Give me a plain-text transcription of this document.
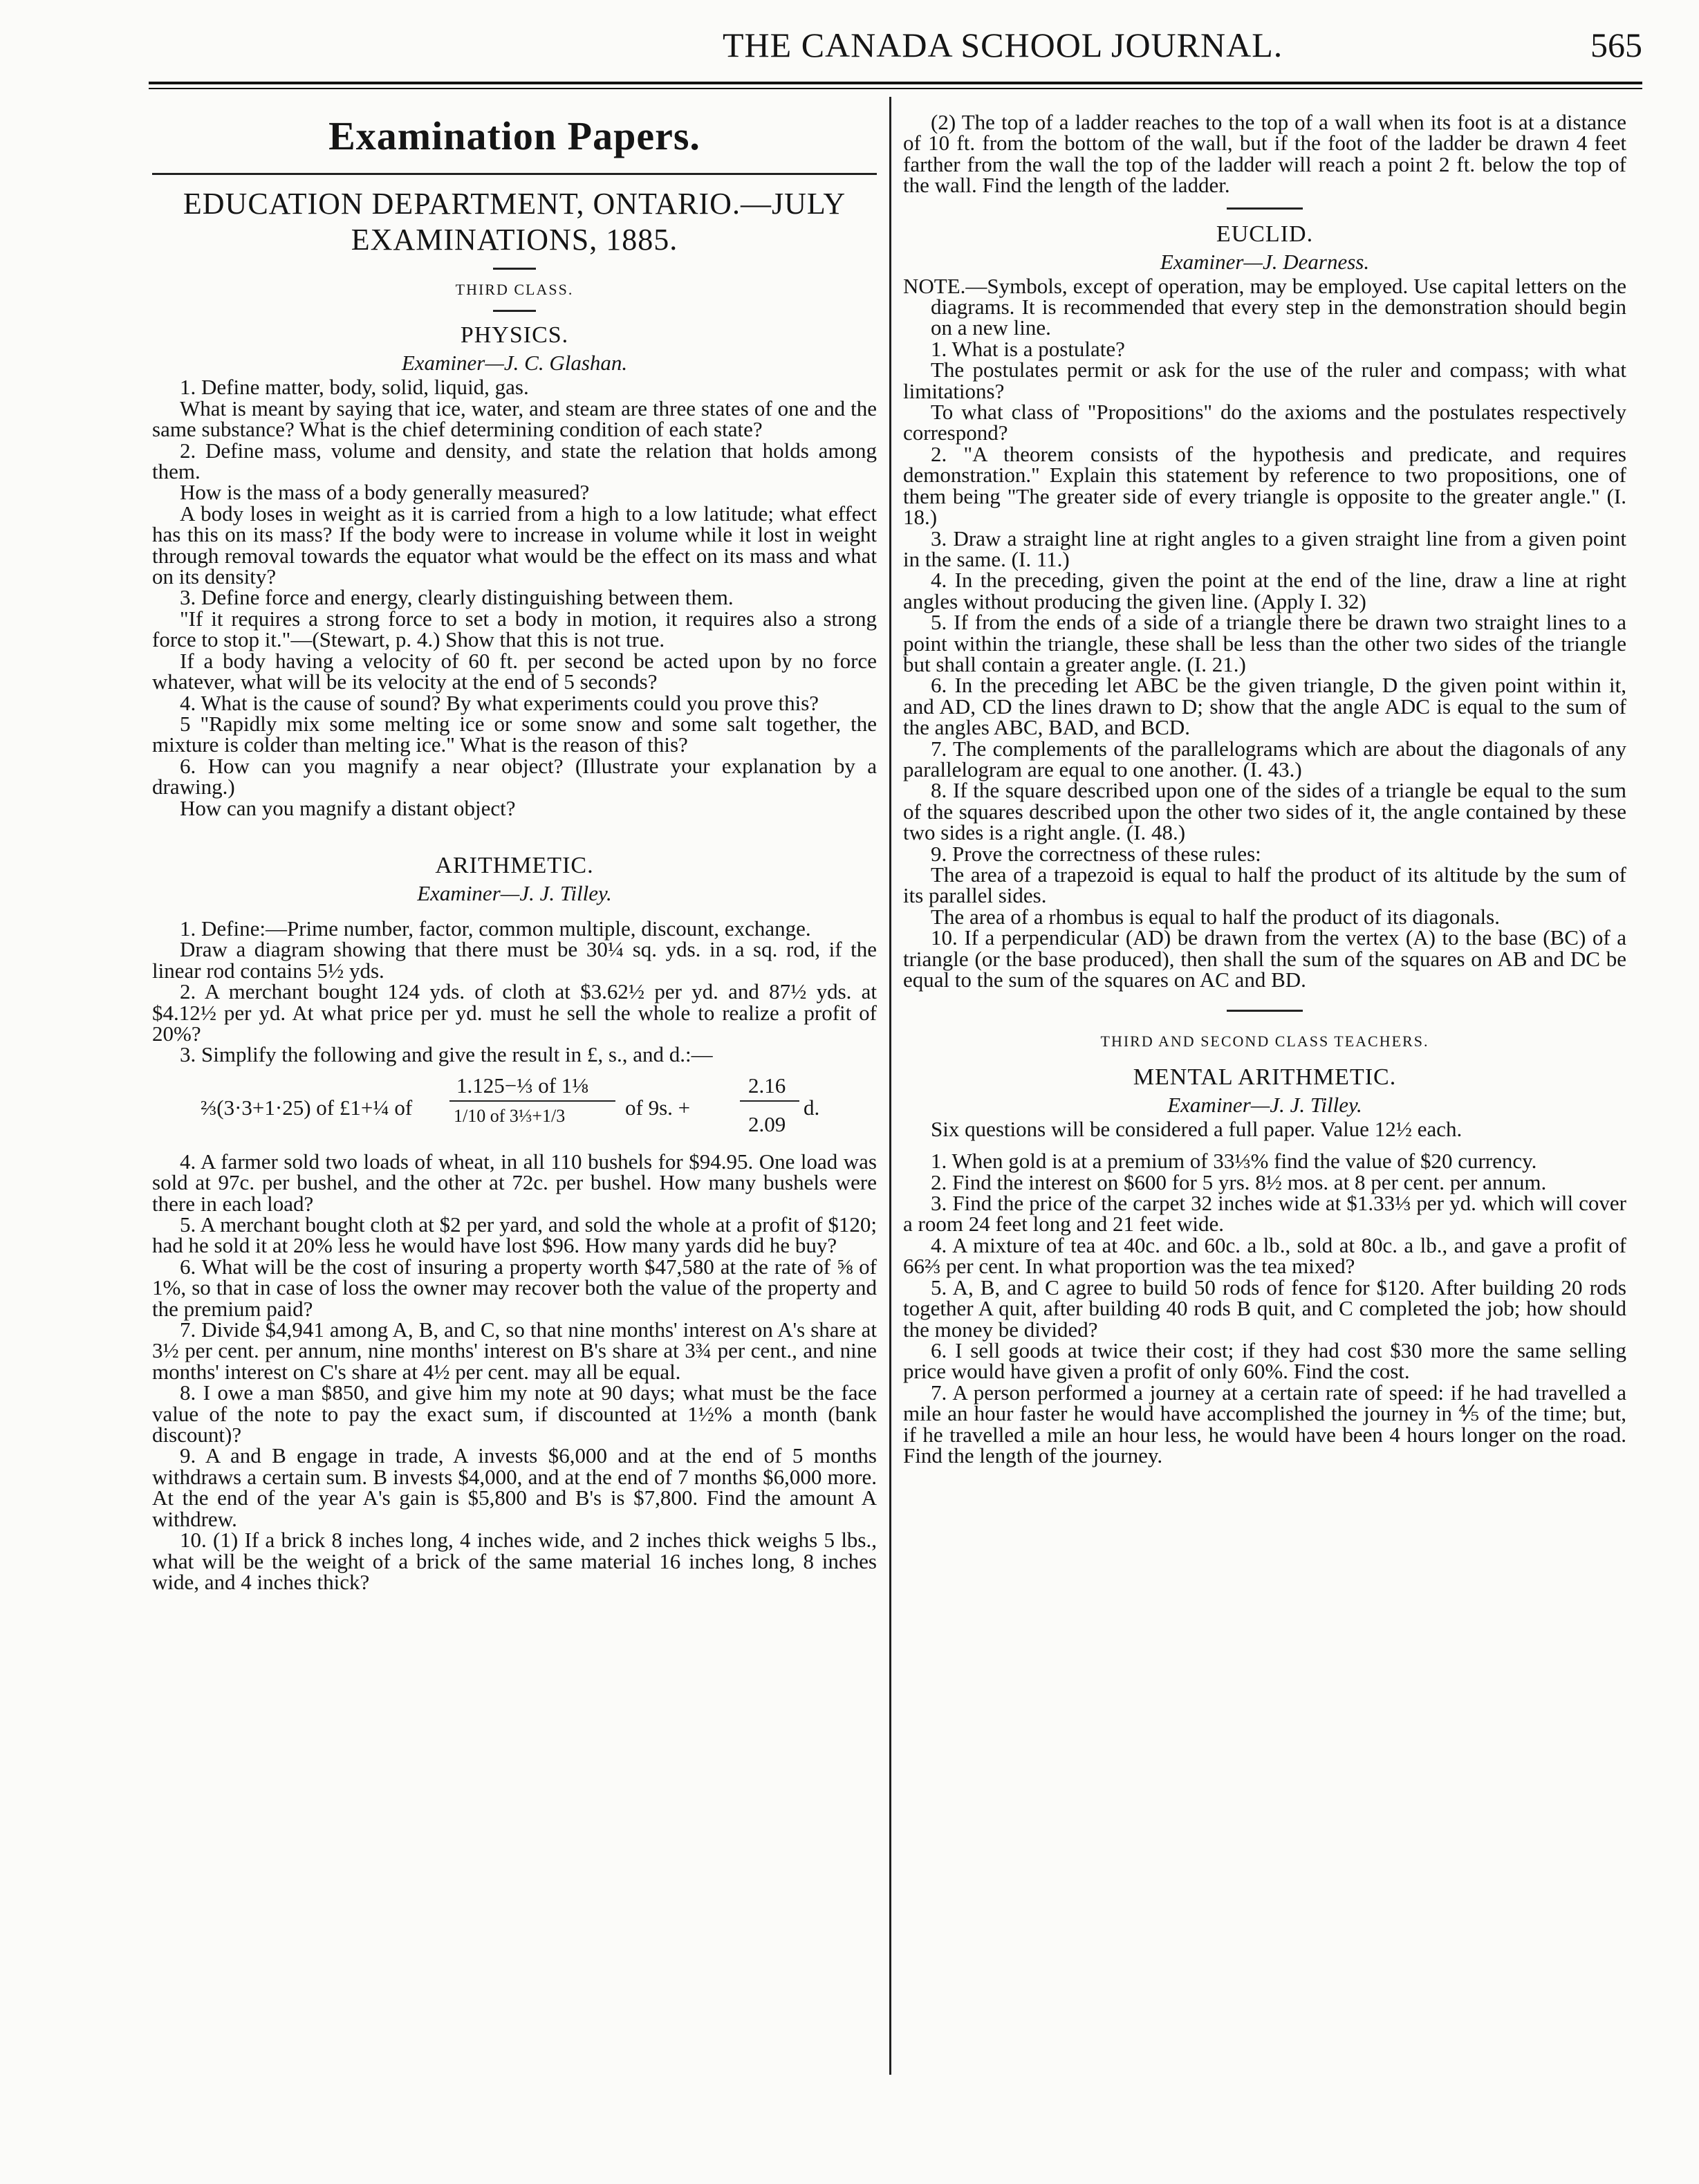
THE CANADA SCHOOL JOURNAL.	565

Examination Papers.

EDUCATION DEPARTMENT, ONTARIO.—JULY

EXAMINATIONS, 1885.

THIRD CLASS.

PHYSICS.

Examiner—J. C. Glashan.

1. Define matter, body, solid, liquid, gas.

What is meant by saying that ice, water, and steam are three states of one and the same substance? What is the chief determining condition of each state?

2. Define mass, volume and density, and state the relation that holds among them.

How is the mass of a body generally measured?

A body loses in weight as it is carried from a high to a low latitude; what effect has this on its mass? If the body were to increase in volume while it lost in weight through removal towards the equator what would be the effect on its mass and what on its density?

3. Define force and energy, clearly distinguishing between them.

"If it requires a strong force to set a body in motion, it requires also a strong force to stop it."—(Stewart, p. 4.) Show that this is not true.

If a body having a velocity of 60 ft. per second be acted upon by no force whatever, what will be its velocity at the end of 5 seconds?

4. What is the cause of sound? By what experiments could you prove this?

5 "Rapidly mix some melting ice or some snow and some salt together, the mixture is colder than melting ice." What is the reason of this?

6. How can you magnify a near object? (Illustrate your explanation by a drawing.)

How can you magnify a distant object?

ARITHMETIC.

Examiner—J. J. Tilley.

1. Define:—Prime number, factor, common multiple, discount, exchange.

Draw a diagram showing that there must be 30¼ sq. yds. in a sq. rod, if the linear rod contains 5½ yds.

2. A merchant bought 124 yds. of cloth at $3.62½ per yd. and 87½ yds. at $4.12½ per yd. At what price per yd. must he sell the whole to realize a profit of 20%?

3. Simplify the following and give the result in £, s., and d.:—

⅔(3·3+1·25) of £1+¼ of
1.125−⅓ of 1⅛
1/10 of 3⅓+1/3	of 9s. +
2.16
2.09
d.

4. A farmer sold two loads of wheat, in all 110 bushels for $94.95. One load was sold at 97c. per bushel, and the other at 72c. per bushel. How many bushels were there in each load?

5. A merchant bought cloth at $2 per yard, and sold the whole at a profit of $120; had he sold it at 20% less he would have lost $96. How many yards did he buy?

6. What will be the cost of insuring a property worth $47,580 at the rate of ⅝ of 1%, so that in case of loss the owner may recover both the value of the property and the premium paid?

7. Divide $4,941 among A, B, and C, so that nine months' interest on A's share at 3½ per cent. per annum, nine months' interest on B's share at 3¾ per cent., and nine months' interest on C's share at 4½ per cent. may all be equal.

8. I owe a man $850, and give him my note at 90 days; what must be the face value of the note to pay the exact sum, if discounted at 1½% a month (bank discount)?

9. A and B engage in trade, A invests $6,000 and at the end of 5 months withdraws a certain sum. B invests $4,000, and at the end of 7 months $6,000 more. At the end of the year A's gain is $5,800 and B's is $7,800. Find the amount A withdrew.

10. (1) If a brick 8 inches long, 4 inches wide, and 2 inches thick weighs 5 lbs., what will be the weight of a brick of the same material 16 inches long, 8 inches wide, and 4 inches thick?

(2) The top of a ladder reaches to the top of a wall when its foot is at a distance of 10 ft. from the bottom of the wall, but if the foot of the ladder be drawn 4 feet farther from the wall the top of the ladder will reach a point 2 ft. below the top of the wall. Find the length of the ladder.

EUCLID.

Examiner—J. Dearness.

NOTE.—Symbols, except of operation, may be employed. Use capital letters on the diagrams. It is recommended that every step in the demonstration should begin on a new line.

1. What is a postulate?

The postulates permit or ask for the use of the ruler and compass; with what limitations?

To what class of "Propositions" do the axioms and the postulates respectively correspond?

2. "A theorem consists of the hypothesis and predicate, and requires demonstration." Explain this statement by reference to two propositions, one of them being "The greater side of every triangle is opposite to the greater angle." (I. 18.)

3. Draw a straight line at right angles to a given straight line from a given point in the same. (I. 11.)

4. In the preceding, given the point at the end of the line, draw a line at right angles without producing the given line. (Apply I. 32)

5. If from the ends of a side of a triangle there be drawn two straight lines to a point within the triangle, these shall be less than the other two sides of the triangle but shall contain a greater angle. (I. 21.)

6. In the preceding let ABC be the given triangle, D the given point within it, and AD, CD the lines drawn to D; show that the angle ADC is equal to the sum of the angles ABC, BAD, and BCD.

7. The complements of the parallelograms which are about the diagonals of any parallelogram are equal to one another. (I. 43.)

8. If the square described upon one of the sides of a triangle be equal to the sum of the squares described upon the other two sides of it, the angle contained by these two sides is a right angle. (I. 48.)

9. Prove the correctness of these rules:

The area of a trapezoid is equal to half the product of its altitude by the sum of its parallel sides.

The area of a rhombus is equal to half the product of its diagonals.

10. If a perpendicular (AD) be drawn from the vertex (A) to the base (BC) of a triangle (or the base produced), then shall the sum of the squares on AB and DC be equal to the sum of the squares on AC and BD.

THIRD AND SECOND CLASS TEACHERS.

MENTAL ARITHMETIC.

Examiner—J. J. Tilley.

Six questions will be considered a full paper. Value 12½ each.

1. When gold is at a premium of 33⅓% find the value of $20 currency.

2. Find the interest on $600 for 5 yrs. 8½ mos. at 8 per cent. per annum.

3. Find the price of the carpet 32 inches wide at $1.33⅓ per yd. which will cover a room 24 feet long and 21 feet wide.

4. A mixture of tea at 40c. and 60c. a lb., sold at 80c. a lb., and gave a profit of 66⅔ per cent. In what proportion was the tea mixed?

5. A, B, and C agree to build 50 rods of fence for $120. After building 20 rods together A quit, after building 40 rods B quit, and C completed the job; how should the money be divided?

6. I sell goods at twice their cost; if they had cost $30 more the same selling price would have given a profit of only 60%. Find the cost.

7. A person performed a journey at a certain rate of speed: if he had travelled a mile an hour faster he would have accomplished the journey in ⅘ of the time; but, if he travelled a mile an hour less, he would have been 4 hours longer on the road. Find the length of the journey.
